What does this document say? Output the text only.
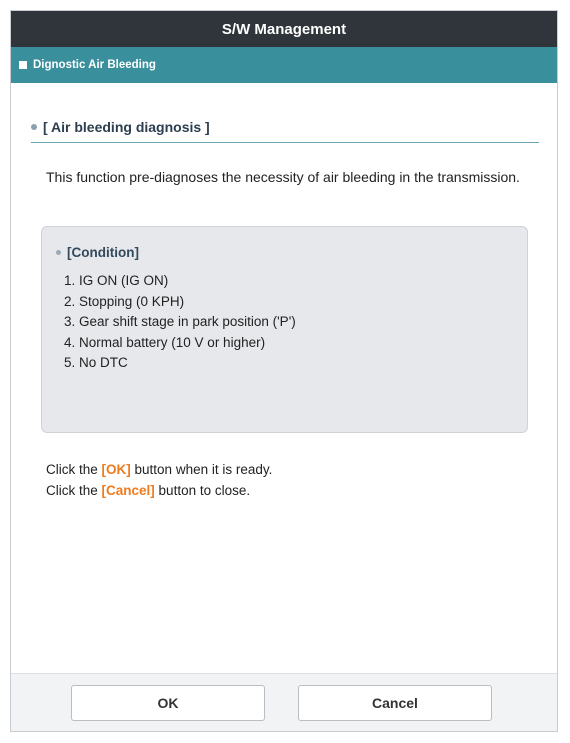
S/W Management
Dignostic Air Bleeding
[ Air bleeding diagnosis ]
This function pre-diagnoses the necessity of air bleeding in the transmission.
[Condition]
1. IG ON (IG ON)
2. Stopping (0 KPH)
3. Gear shift stage in park position ('P')
4. Normal battery (10 V or higher)
5. No DTC
Click the [OK] button when it is ready.
Click the [Cancel] button to close.
OK	Cancel
